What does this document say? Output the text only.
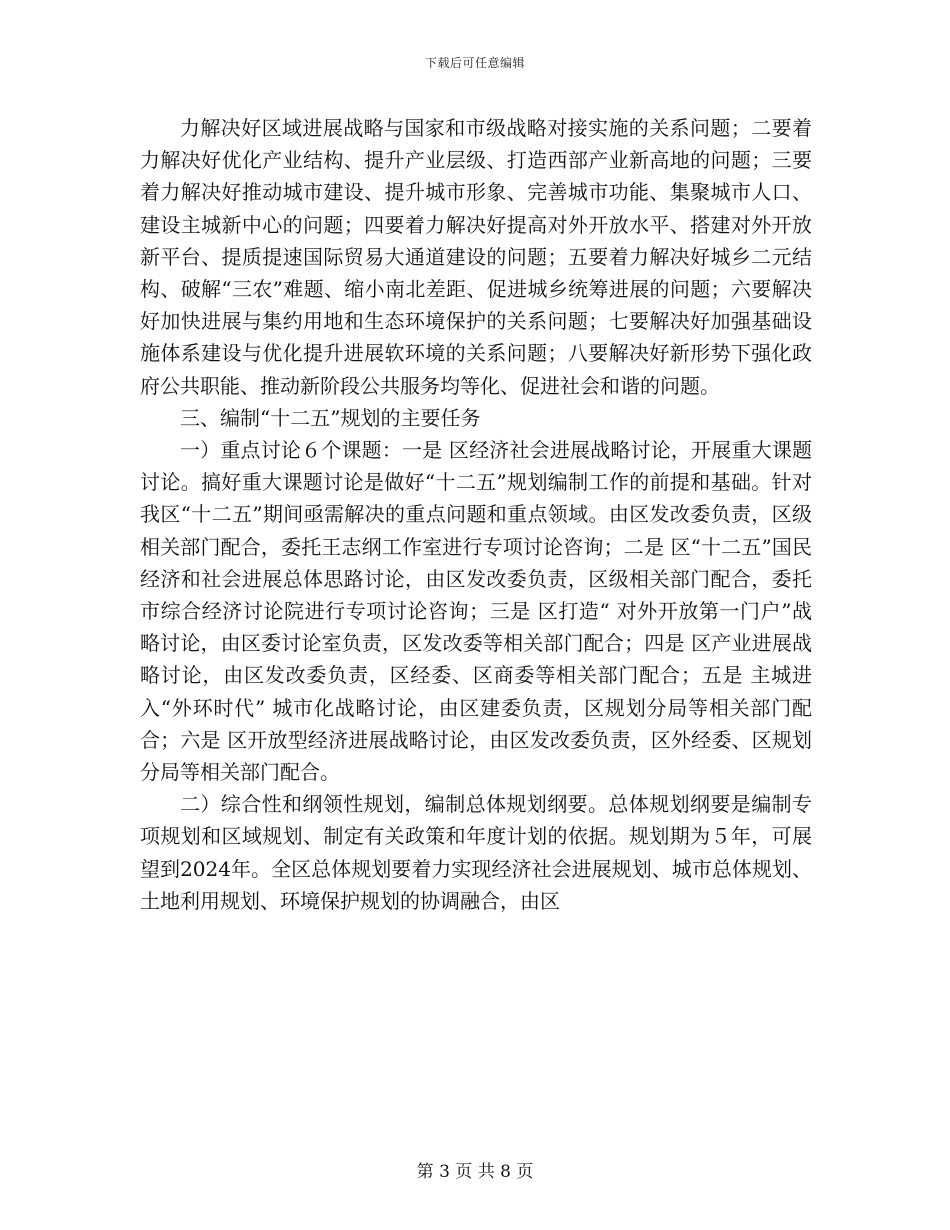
下载后可任意编辑

力解决好区域进展战略与国家和市级战略对接实施的关系问题；二要着力解决好优化产业结构、提升产业层级、打造西部产业新高地的问题；三要着力解决好推动城市建设、提升城市形象、完善城市功能、集聚城市人口、建设主城新中心的问题；四要着力解决好提高对外开放水平、搭建对外开放新平台、提质提速国际贸易大通道建设的问题；五要着力解决好城乡二元结构、破解“三农”难题、缩小南北差距、促进城乡统筹进展的问题；六要解决好加快进展与集约用地和生态环境保护的关系问题；七要解决好加强基础设施体系建设与优化提升进展软环境的关系问题；八要解决好新形势下强化政府公共职能、推动新阶段公共服务均等化、促进社会和谐的问题。

三、编制“十二五”规划的主要任务

一）重点讨论６个课题：一是 区经济社会进展战略讨论，开展重大课题讨论。搞好重大课题讨论是做好“十二五”规划编制工作的前提和基础。针对我区“十二五”期间亟需解决的重点问题和重点领域。由区发改委负责，区级相关部门配合，委托王志纲工作室进行专项讨论咨询；二是 区“十二五”国民经济和社会进展总体思路讨论，由区发改委负责，区级相关部门配合，委托 市综合经济讨论院进行专项讨论咨询；三是 区打造“ 对外开放第一门户”战略讨论，由区委讨论室负责，区发改委等相关部门配合；四是 区产业进展战略讨论，由区发改委负责，区经委、区商委等相关部门配合；五是 主城进入“外环时代” 城市化战略讨论，由区建委负责，区规划分局等相关部门配合；六是 区开放型经济进展战略讨论，由区发改委负责，区外经委、区规划分局等相关部门配合。

二）综合性和纲领性规划，编制总体规划纲要。总体规划纲要是编制专项规划和区域规划、制定有关政策和年度计划的依据。规划期为５年，可展望到2024年。全区总体规划要着力实现经济社会进展规划、城市总体规划、土地利用规划、环境保护规划的协调融合，由区

第 3 页 共 8 页
